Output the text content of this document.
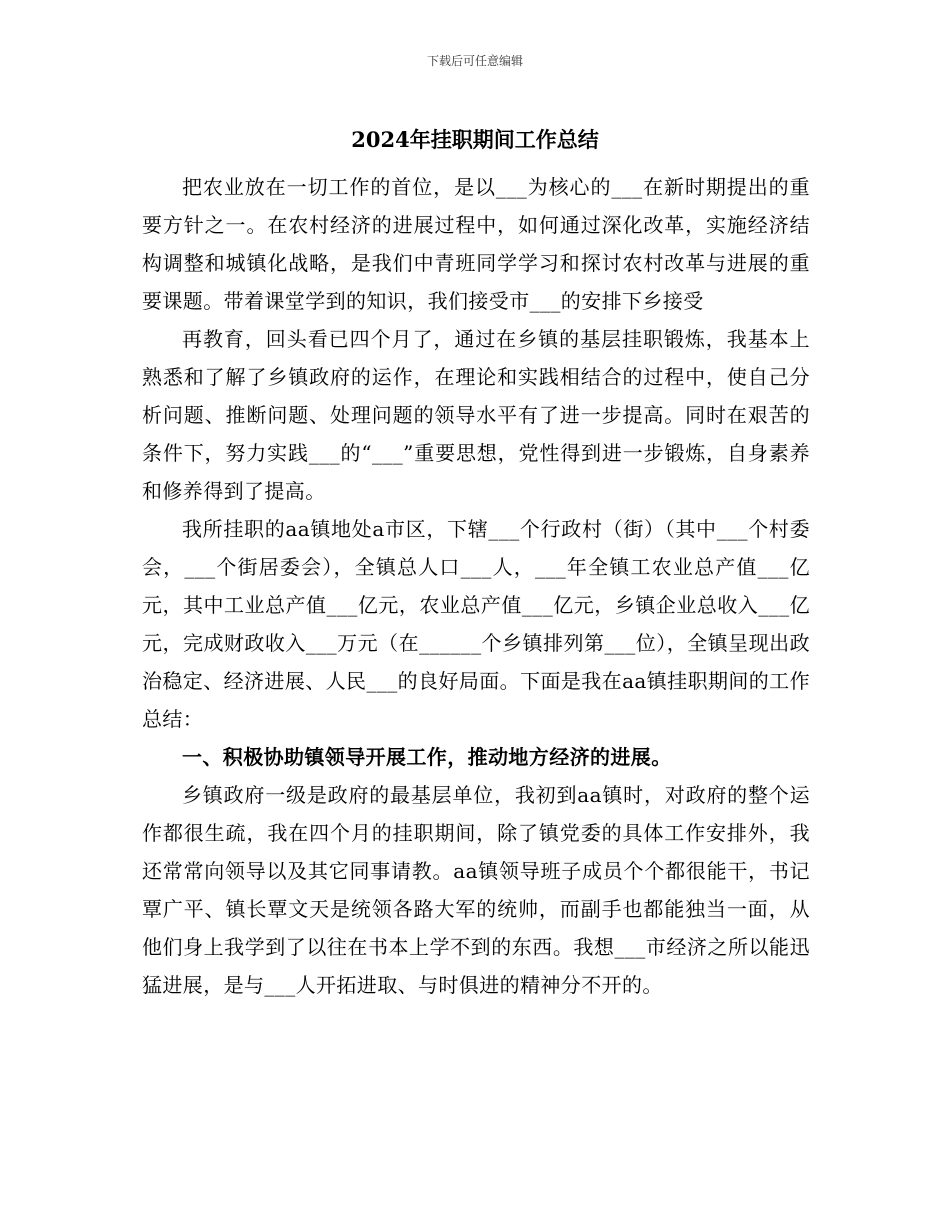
下载后可任意编辑
2024年挂职期间工作总结

把农业放在一切工作的首位，是以___为核心的___在新时期提出的重要方针之一。在农村经济的进展过程中，如何通过深化改革，实施经济结构调整和城镇化战略，是我们中青班同学学习和探讨农村改革与进展的重要课题。带着课堂学到的知识，我们接受市___的安排下乡接受

再教育，回头看已四个月了，通过在乡镇的基层挂职锻炼，我基本上熟悉和了解了乡镇政府的运作，在理论和实践相结合的过程中，使自己分析问题、推断问题、处理问题的领导水平有了进一步提高。同时在艰苦的条件下，努力实践___的“___”重要思想，党性得到进一步锻炼，自身素养和修养得到了提高。

我所挂职的aa镇地处a市区，下辖___个行政村（街）（其中___个村委会，___个街居委会），全镇总人口___人，___年全镇工农业总产值___亿元，其中工业总产值___亿元，农业总产值___亿元，乡镇企业总收入___亿元，完成财政收入___万元（在______个乡镇排列第___位），全镇呈现出政治稳定、经济进展、人民___的良好局面。下面是我在aa镇挂职期间的工作总结：

一、积极协助镇领导开展工作，推动地方经济的进展。

乡镇政府一级是政府的最基层单位，我初到aa镇时，对政府的整个运作都很生疏，我在四个月的挂职期间，除了镇党委的具体工作安排外，我还常常向领导以及其它同事请教。aa镇领导班子成员个个都很能干，书记覃广平、镇长覃文天是统领各路大军的统帅，而副手也都能独当一面，从他们身上我学到了以往在书本上学不到的东西。我想___市经济之所以能迅猛进展，是与___人开拓进取、与时俱进的精神分不开的。
